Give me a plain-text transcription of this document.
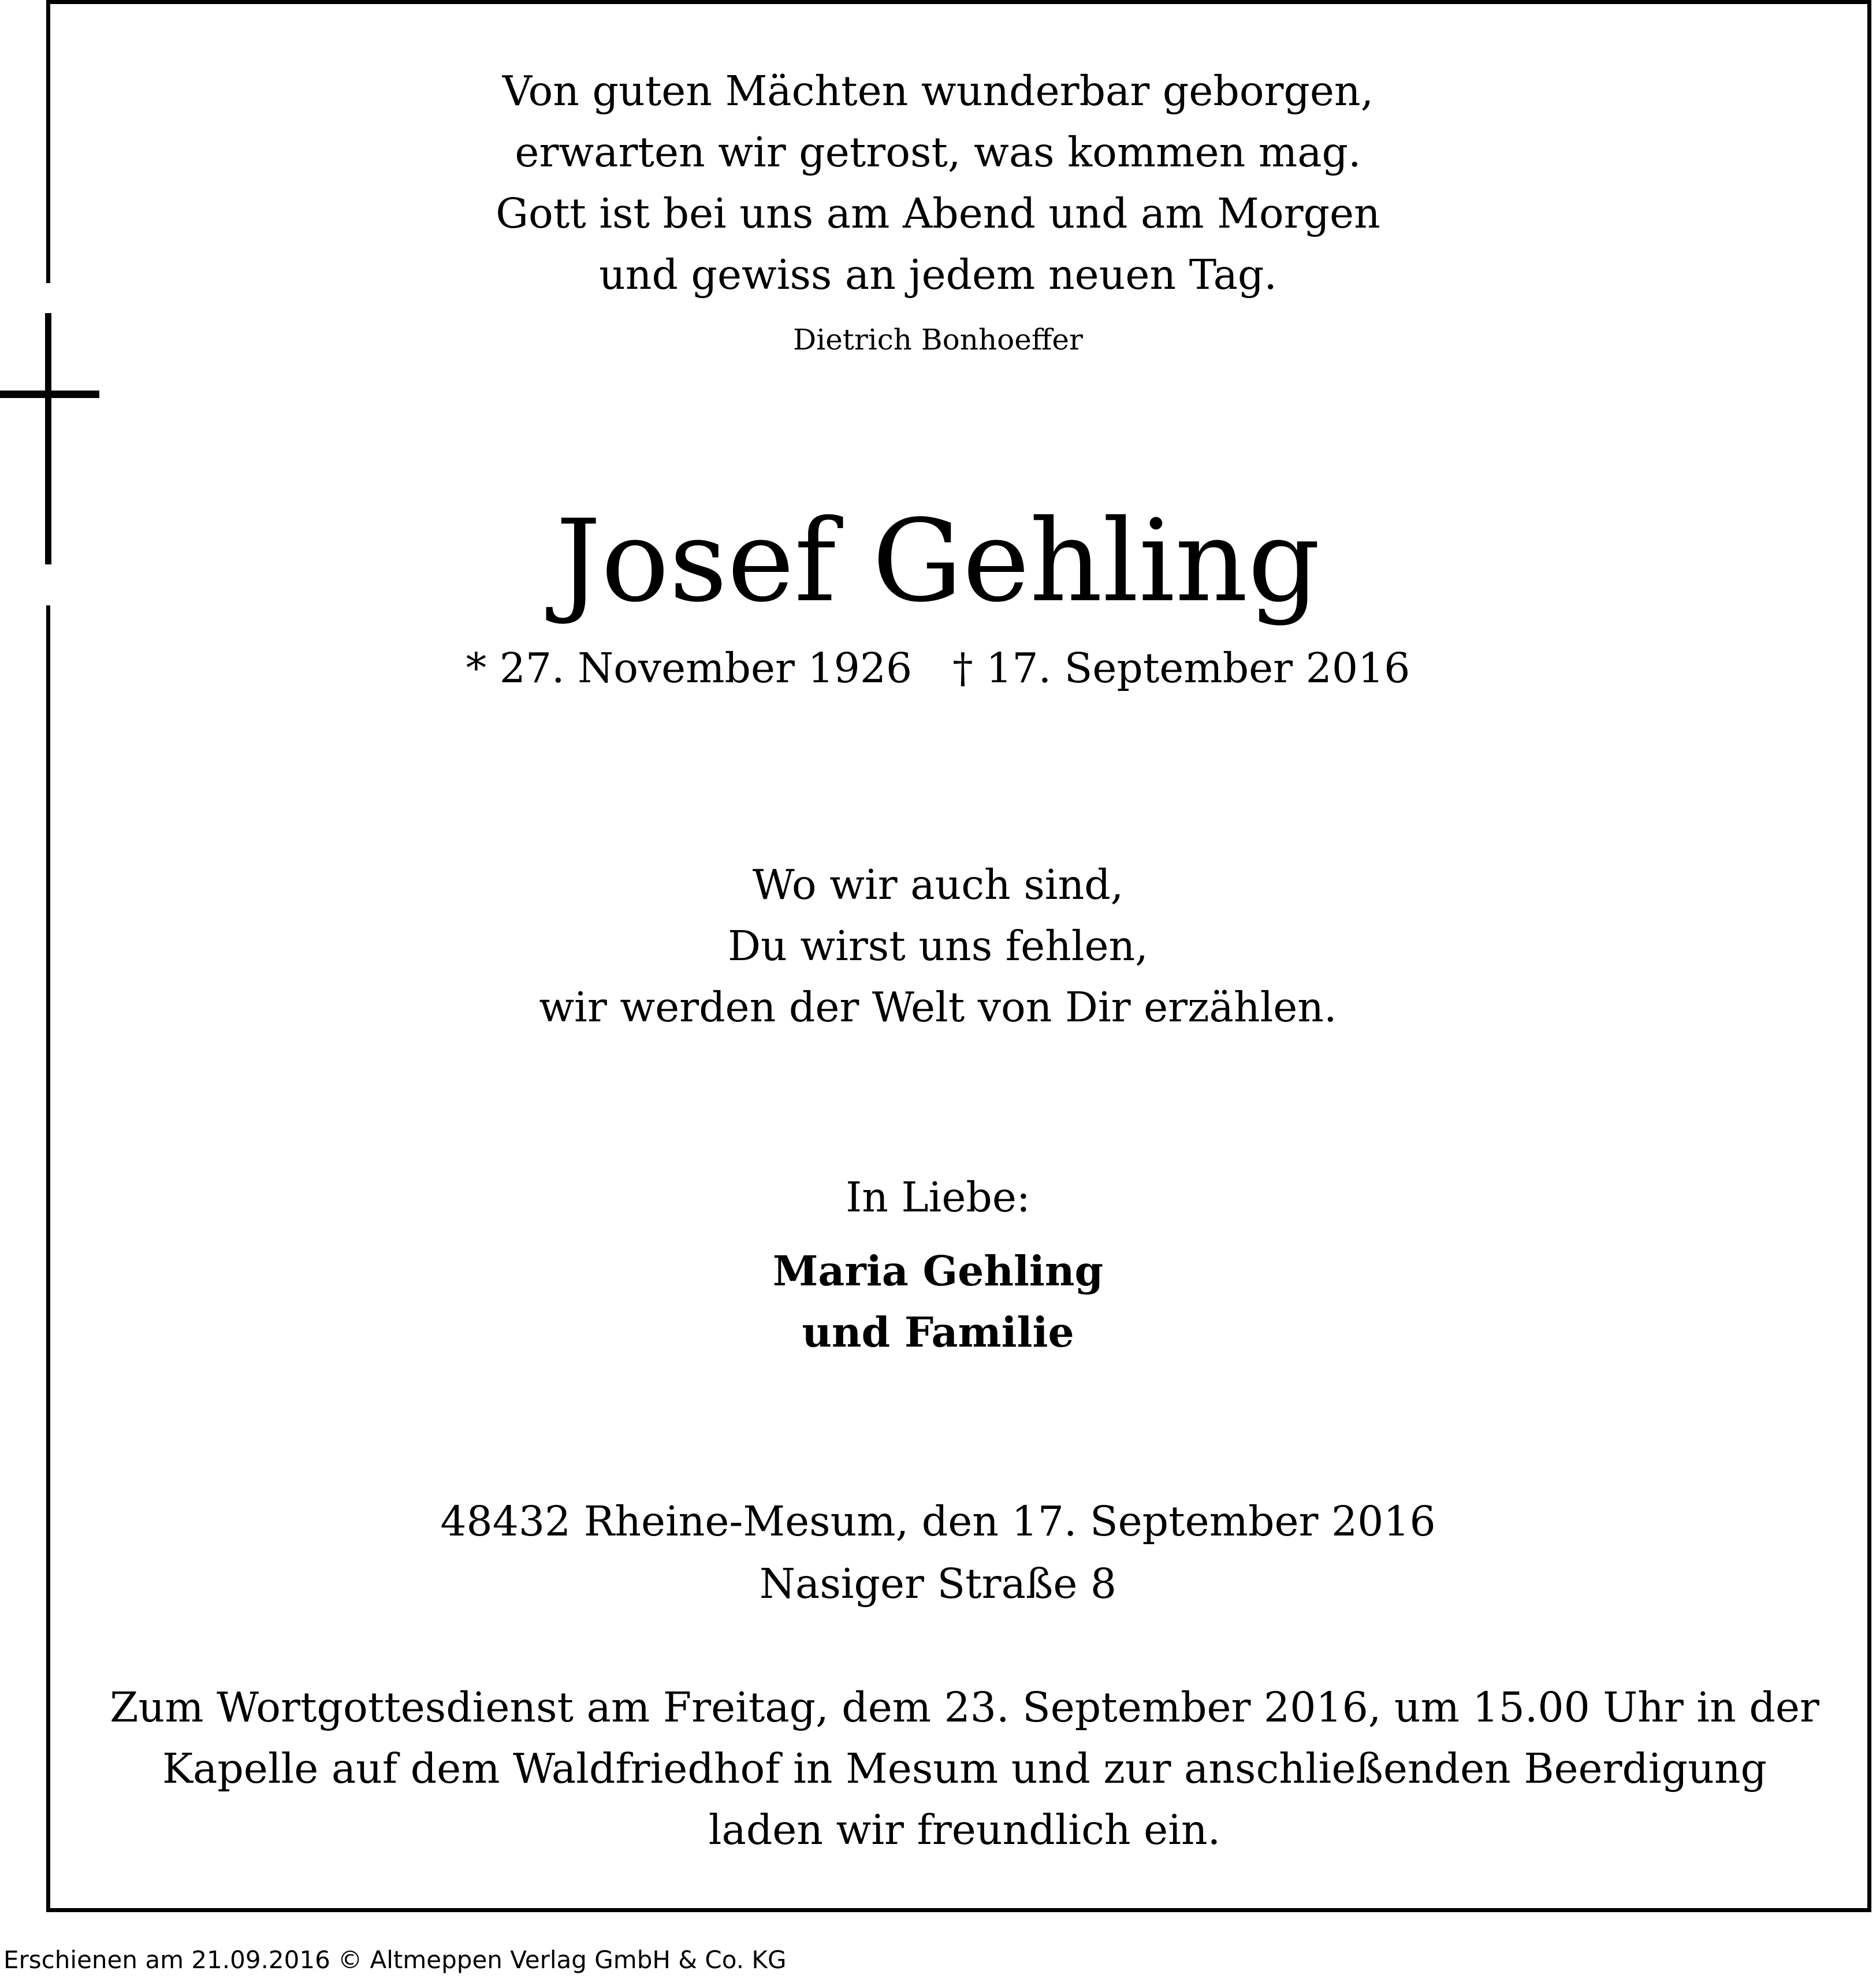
Von guten Mächten wunderbar geborgen,
erwarten wir getrost, was kommen mag.
Gott ist bei uns am Abend und am Morgen
und gewiss an jedem neuen Tag.
Dietrich Bonhoeffer
Josef Gehling
* 27. November 1926 † 17. September 2016
Wo wir auch sind,
Du wirst uns fehlen,
wir werden der Welt von Dir erzählen.
In Liebe:
Maria Gehling
und Familie
48432 Rheine-Mesum, den 17. September 2016
Nasiger Straße 8
Zum Wortgottesdienst am Freitag, dem 23. September 2016, um 15.00 Uhr in der
Kapelle auf dem Waldfriedhof in Mesum und zur anschließenden Beerdigung
laden wir freundlich ein.
Erschienen am 21.09.2016 © Altmeppen Verlag GmbH & Co. KG
